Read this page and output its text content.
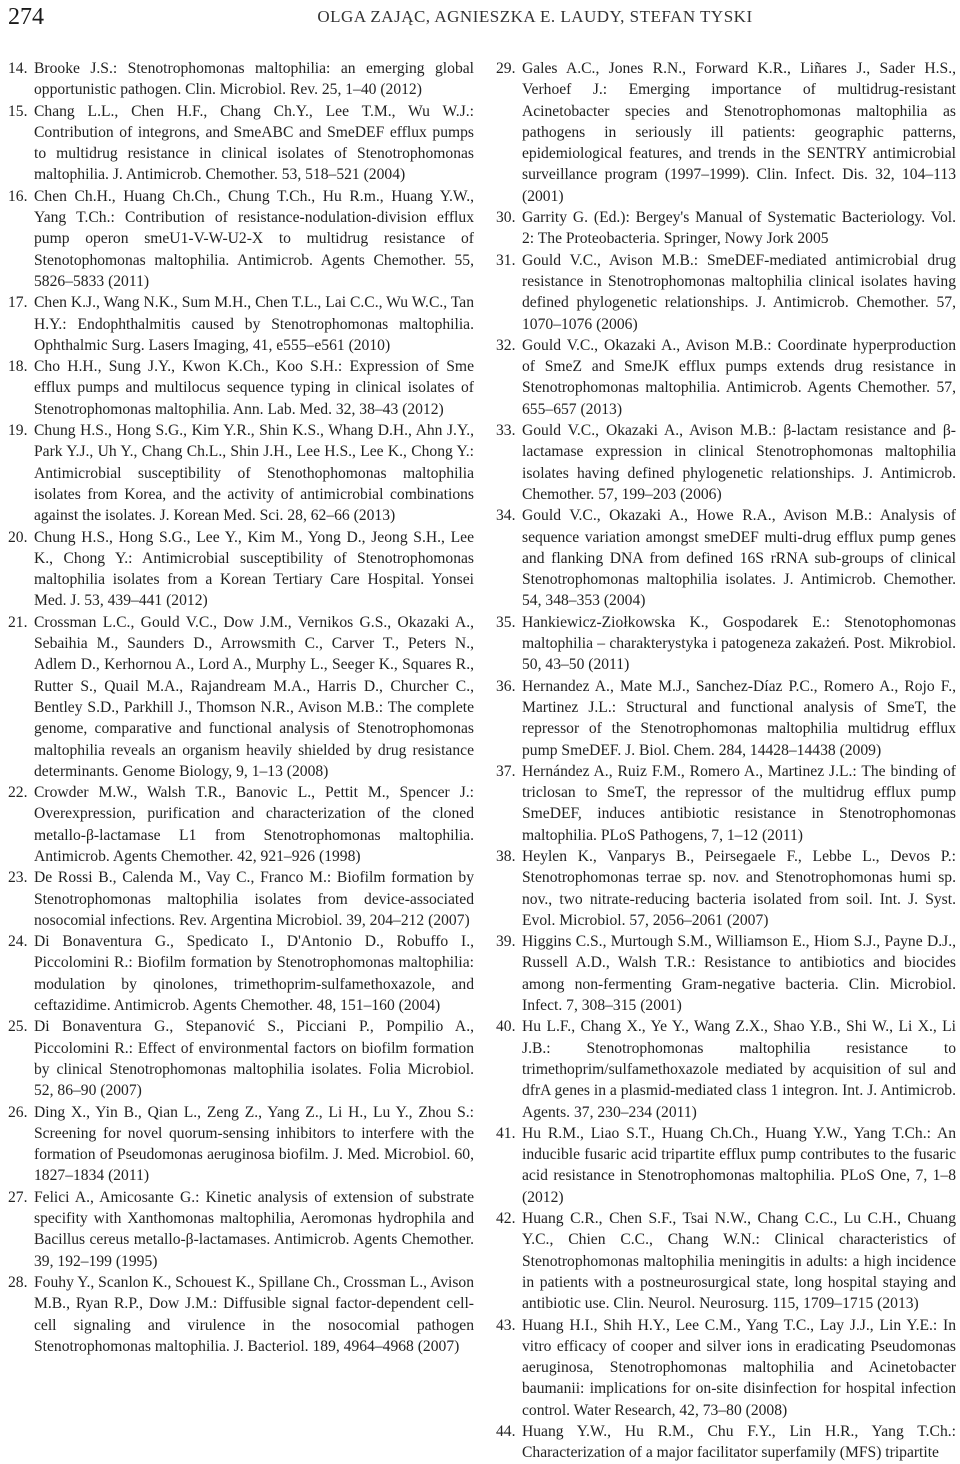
274	OLGA ZAJĄC, AGNIESZKA E. LAUDY, STEFAN TYSKI
14. Brooke J.S.: Stenotrophomonas maltophilia: an emerging global opportunistic pathogen. Clin. Microbiol. Rev. 25, 1–40 (2012)
15. Chang L.L., Chen H.F., Chang Ch.Y., Lee T.M., Wu W.J.: Contribution of integrons, and SmeABC and SmeDEF efflux pumps to multidrug resistance in clinical isolates of Stenotrophomonas maltophilia. J. Antimicrob. Chemother. 53, 518–521 (2004)
16. Chen Ch.H., Huang Ch.Ch., Chung T.Ch., Hu R.m., Huang Y.W., Yang T.Ch.: Contribution of resistance-nodulation-division efflux pump operon smeU1-V-W-U2-X to multidrug resistance of Stenotophomonas maltophilia. Antimicrob. Agents Chemother. 55, 5826–5833 (2011)
17. Chen K.J., Wang N.K., Sum M.H., Chen T.L., Lai C.C., Wu W.C., Tan H.Y.: Endophthalmitis caused by Stenotrophomonas maltophilia. Ophthalmic Surg. Lasers Imaging, 41, e555–e561 (2010)
18. Cho H.H., Sung J.Y., Kwon K.Ch., Koo S.H.: Expression of Sme efflux pumps and multilocus sequence typing in clinical isolates of Stenotrophomonas maltophilia. Ann. Lab. Med. 32, 38–43 (2012)
19. Chung H.S., Hong S.G., Kim Y.R., Shin K.S., Whang D.H., Ahn J.Y., Park Y.J., Uh Y., Chang Ch.L., Shin J.H., Lee H.S., Lee K., Chong Y.: Antimicrobial susceptibility of Stenothophomonas maltophilia isolates from Korea, and the activity of antimicrobial combinations against the isolates. J. Korean Med. Sci. 28, 62–66 (2013)
20. Chung H.S., Hong S.G., Lee Y., Kim M., Yong D., Jeong S.H., Lee K., Chong Y.: Antimicrobial susceptibility of Stenotrophomonas maltophilia isolates from a Korean Tertiary Care Hospital. Yonsei Med. J. 53, 439–441 (2012)
21. Crossman L.C., Gould V.C., Dow J.M., Vernikos G.S., Okazaki A., Sebaihia M., Saunders D., Arrowsmith C., Carver T., Peters N., Adlem D., Kerhornou A., Lord A., Murphy L., Seeger K., Squares R., Rutter S., Quail M.A., Rajandream M.A., Harris D., Churcher C., Bentley S.D., Parkhill J., Thomson N.R., Avison M.B.: The complete genome, comparative and functional analysis of Stenotrophomonas maltophilia reveals an organism heavily shielded by drug resistance determinants. Genome Biology, 9, 1–13 (2008)
22. Crowder M.W., Walsh T.R., Banovic L., Pettit M., Spencer J.: Overexpression, purification and characterization of the cloned metallo-β-lactamase L1 from Stenotrophomonas maltophilia. Antimicrob. Agents Chemother. 42, 921–926 (1998)
23. De Rossi B., Calenda M., Vay C., Franco M.: Biofilm formation by Stenotrophomonas maltophilia isolates from device-associated nosocomial infections. Rev. Argentina Microbiol. 39, 204–212 (2007)
24. Di Bonaventura G., Spedicato I., D'Antonio D., Robuffo I., Piccolomini R.: Biofilm formation by Stenotrophomonas maltophilia: modulation by qinolones, trimethoprim-sulfamethoxazole, and ceftazidime. Antimicrob. Agents Chemother. 48, 151–160 (2004)
25. Di Bonaventura G., Stepanović S., Picciani P., Pompilio A., Piccolomini R.: Effect of environmental factors on biofilm formation by clinical Stenotrophomonas maltophilia isolates. Folia Microbiol. 52, 86–90 (2007)
26. Ding X., Yin B., Qian L., Zeng Z., Yang Z., Li H., Lu Y., Zhou S.: Screening for novel quorum-sensing inhibitors to interfere with the formation of Pseudomonas aeruginosa biofilm. J. Med. Microbiol. 60, 1827–1834 (2011)
27. Felici A., Amicosante G.: Kinetic analysis of extension of substrate specifity with Xanthomonas maltophilia, Aeromonas hydrophila and Bacillus cereus metallo-β-lactamases. Antimicrob. Agents Chemother. 39, 192–199 (1995)
28. Fouhy Y., Scanlon K., Schouest K., Spillane Ch., Crossman L., Avison M.B., Ryan R.P., Dow J.M.: Diffusible signal factor-dependent cell-cell signaling and virulence in the nosocomial pathogen Stenotrophomonas maltophilia. J. Bacteriol. 189, 4964–4968 (2007)
29. Gales A.C., Jones R.N., Forward K.R., Liñares J., Sader H.S., Verhoef J.: Emerging importance of multidrug-resistant Acinetobacter species and Stenotrophomonas maltophilia as pathogens in seriously ill patients: geographic patterns, epidemiological features, and trends in the SENTRY antimicrobial surveillance program (1997–1999). Clin. Infect. Dis. 32, 104–113 (2001)
30. Garrity G. (Ed.): Bergey's Manual of Systematic Bacteriology. Vol. 2: The Proteobacteria. Springer, Nowy Jork 2005
31. Gould V.C., Avison M.B.: SmeDEF-mediated antimicrobial drug resistance in Stenotrophomonas maltophilia clinical isolates having defined phylogenetic relationships. J. Antimicrob. Chemother. 57, 1070–1076 (2006)
32. Gould V.C., Okazaki A., Avison M.B.: Coordinate hyperproduction of SmeZ and SmeJK efflux pumps extends drug resistance in Stenotrophomonas maltophilia. Antimicrob. Agents Chemother. 57, 655–657 (2013)
33. Gould V.C., Okazaki A., Avison M.B.: β-lactam resistance and β-lactamase expression in clinical Stenotrophomonas maltophilia isolates having defined phylogenetic relationships. J. Antimicrob. Chemother. 57, 199–203 (2006)
34. Gould V.C., Okazaki A., Howe R.A., Avison M.B.: Analysis of sequence variation amongst smeDEF multi-drug efflux pump genes and flanking DNA from defined 16S rRNA sub-groups of clinical Stenotrophomonas maltophilia isolates. J. Antimicrob. Chemother. 54, 348–353 (2004)
35. Hankiewicz-Ziołkowska K., Gospodarek E.: Stenotophomonas maltophilia – charakterystyka i patogeneza zakażeń. Post. Mikrobiol. 50, 43–50 (2011)
36. Hernandez A., Mate M.J., Sanchez-Díaz P.C., Romero A., Rojo F., Martinez J.L.: Structural and functional analysis of SmeT, the repressor of the Stenotrophomonas maltophilia multidrug efflux pump SmeDEF. J. Biol. Chem. 284, 14428–14438 (2009)
37. Hernández A., Ruiz F.M., Romero A., Martinez J.L.: The binding of triclosan to SmeT, the repressor of the multidrug efflux pump SmeDEF, induces antibiotic resistance in Stenotrophomonas maltophilia. PLoS Pathogens, 7, 1–12 (2011)
38. Heylen K., Vanparys B., Peirsegaele F., Lebbe L., Devos P.: Stenotrophomonas terrae sp. nov. and Stenotrophomonas humi sp. nov., two nitrate-reducing bacteria isolated from soil. Int. J. Syst. Evol. Microbiol. 57, 2056–2061 (2007)
39. Higgins C.S., Murtough S.M., Williamson E., Hiom S.J., Payne D.J., Russell A.D., Walsh T.R.: Resistance to antibiotics and biocides among non-fermenting Gram-negative bacteria. Clin. Microbiol. Infect. 7, 308–315 (2001)
40. Hu L.F., Chang X., Ye Y., Wang Z.X., Shao Y.B., Shi W., Li X., Li J.B.: Stenotrophomonas maltophilia resistance to trimethoprim/sulfamethoxazole mediated by acquisition of sul and dfrA genes in a plasmid-mediated class 1 integron. Int. J. Antimicrob. Agents. 37, 230–234 (2011)
41. Hu R.M., Liao S.T., Huang Ch.Ch., Huang Y.W., Yang T.Ch.: An inducible fusaric acid tripartite efflux pump contributes to the fusaric acid resistance in Stenotrophomonas maltophilia. PLoS One, 7, 1–8 (2012)
42. Huang C.R., Chen S.F., Tsai N.W., Chang C.C., Lu C.H., Chuang Y.C., Chien C.C., Chang W.N.: Clinical characteristics of Stenotrophomonas maltophilia meningitis in adults: a high incidence in patients with a postneurosurgical state, long hospital staying and antibiotic use. Clin. Neurol. Neurosurg. 115, 1709–1715 (2013)
43. Huang H.I., Shih H.Y., Lee C.M., Yang T.C., Lay J.J., Lin Y.E.: In vitro efficacy of cooper and silver ions in eradicating Pseudomonas aeruginosa, Stenotrophomonas maltophilia and Acinetobacter baumanii: implications for on-site disinfection for hospital infection control. Water Research, 42, 73–80 (2008)
44. Huang Y.W., Hu R.M., Chu F.Y., Lin H.R., Yang T.Ch.: Characterization of a major facilitator superfamily (MFS) tripartite
